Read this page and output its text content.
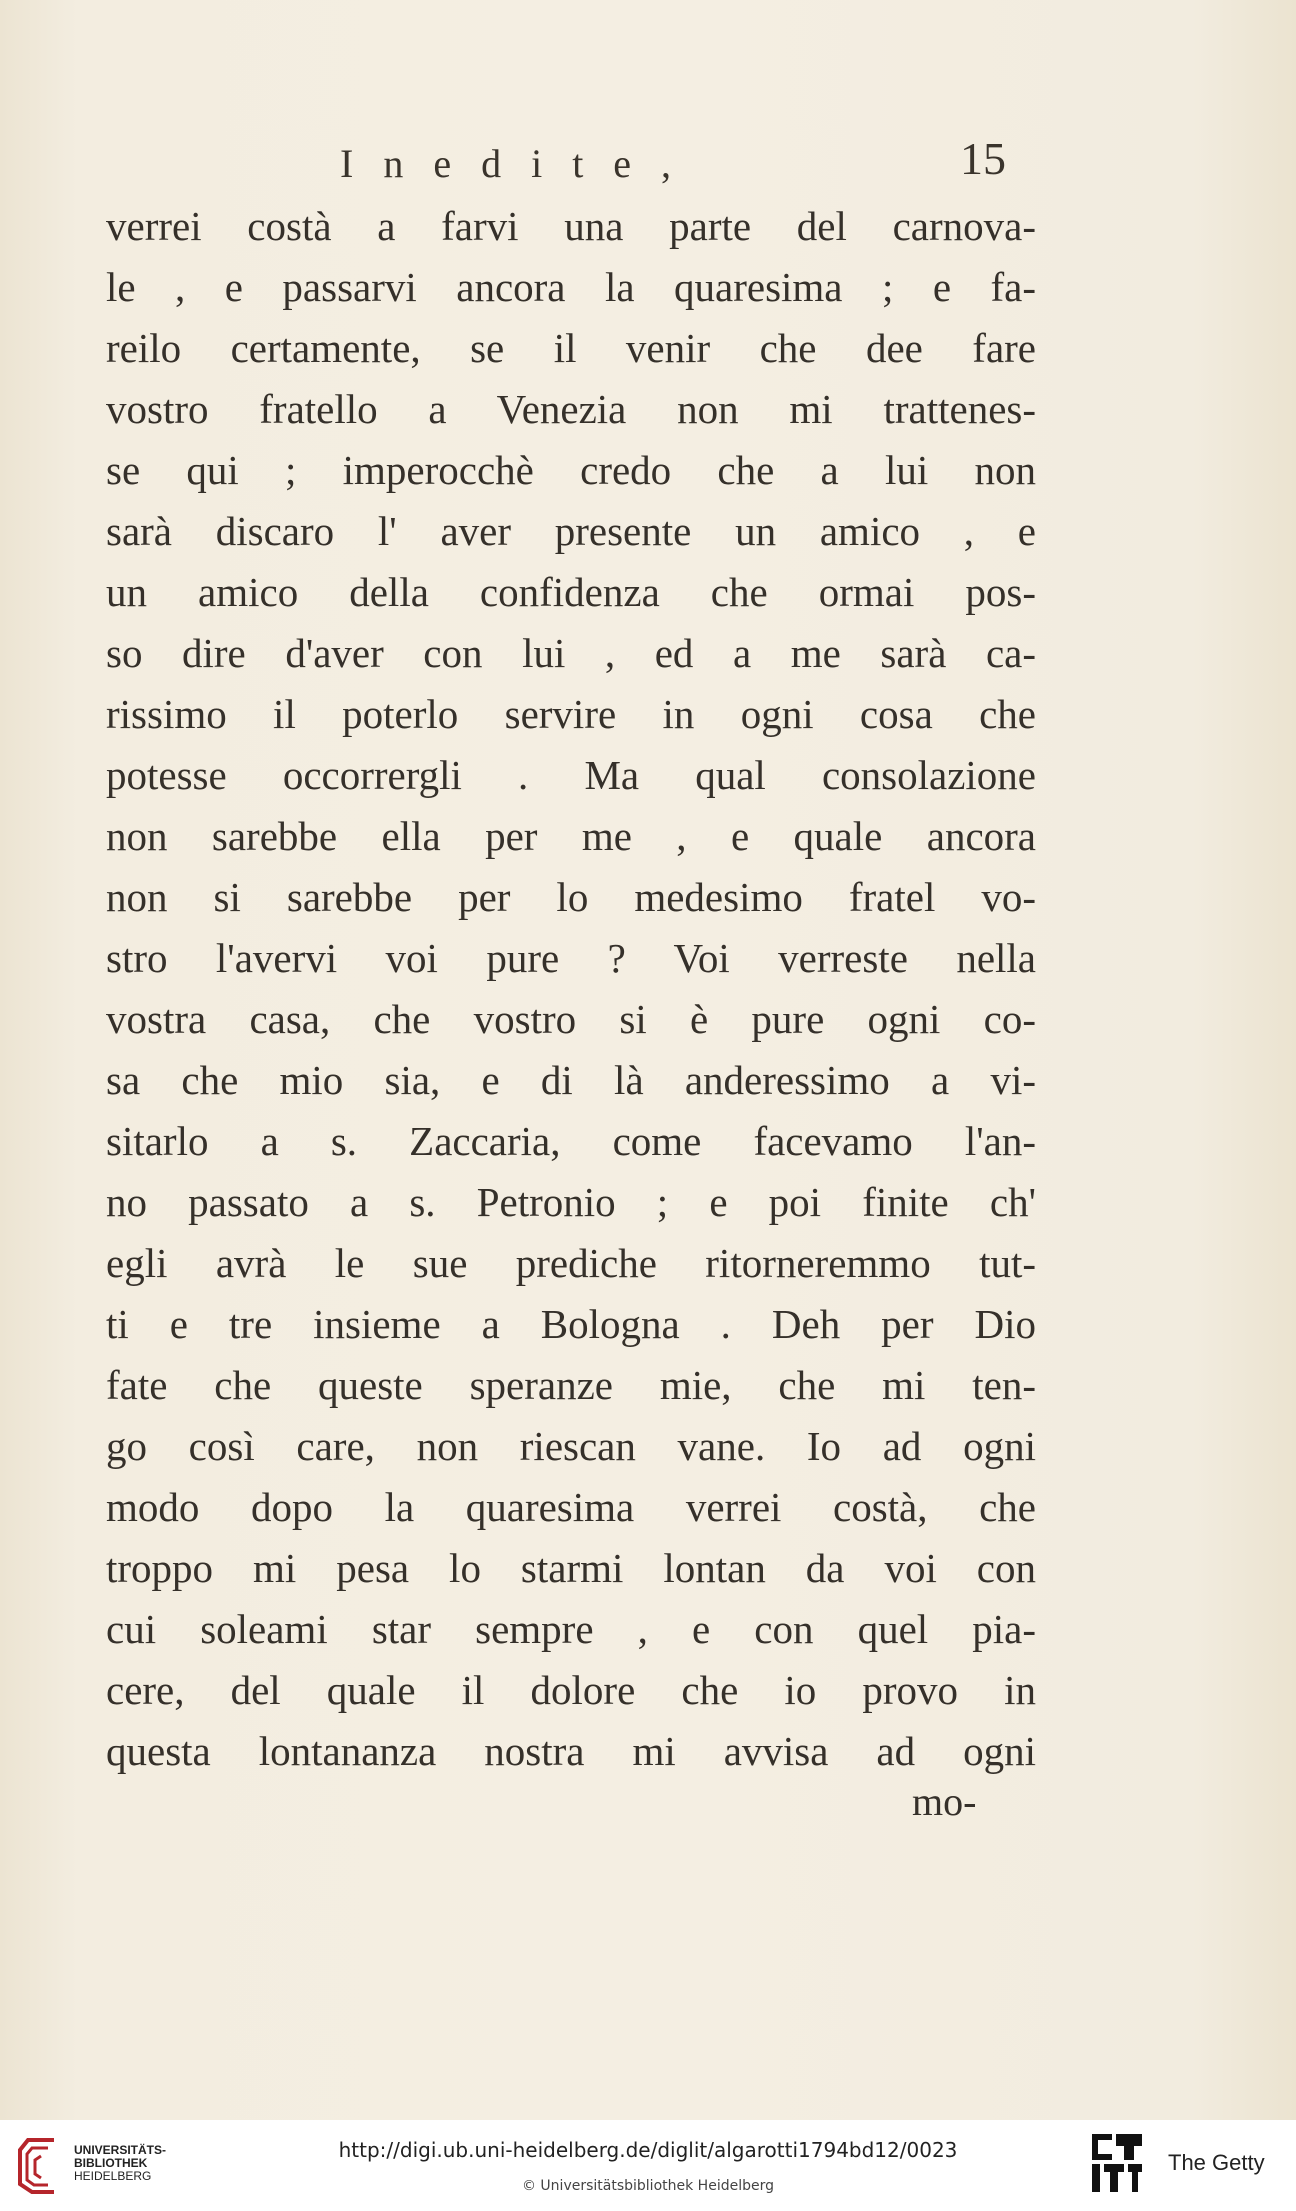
Inedite,	15
verrei costà a farvi una parte del carnova-
le , e passarvi ancora la quaresima ; e fa-
reilo certamente, se il venir che dee fare
vostro fratello a Venezia non mi trattenes-
se qui ; imperocchè credo che a lui non
sarà discaro l' aver presente un amico , e
un amico della confidenza che ormai pos-
so dire d'aver con lui , ed a me sarà ca-
rissimo il poterlo servire in ogni cosa che
potesse occorrergli . Ma qual consolazione
non sarebbe ella per me , e quale ancora
non si sarebbe per lo medesimo fratel vo-
stro l'avervi voi pure ? Voi verreste nella
vostra casa, che vostro si è pure ogni co-
sa che mio sia, e di là anderessimo a vi-
sitarlo a s. Zaccaria, come facevamo l'an-
no passato a s. Petronio ; e poi finite ch'
egli avrà le sue prediche ritorneremmo tut-
ti e tre insieme a Bologna . Deh per Dio
fate che queste speranze mie, che mi ten-
go così care, non riescan vane. Io ad ogni
modo dopo la quaresima verrei costà, che
troppo mi pesa lo starmi lontan da voi con
cui soleami star sempre , e con quel pia-
cere, del quale il dolore che io provo in
questa lontananza nostra mi avvisa ad ogni
mo-
UNIVERSITÄTS-
BIBLIOTHEK
HEIDELBERG
http://digi.ub.uni-heidelberg.de/diglit/algarotti1794bd12/0023
© Universitätsbibliothek Heidelberg
The Getty
